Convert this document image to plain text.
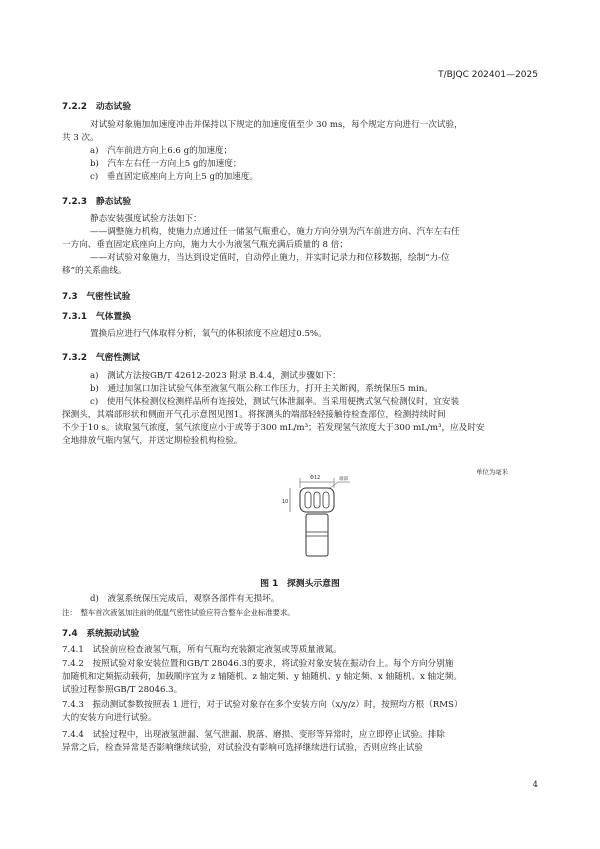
T/BJQC 202401—2025
7.2.2　动态试验
对试验对象施加加速度冲击并保持以下规定的加速度值至少 30 ms，每个规定方向进行一次试验，
共 3 次。
a)　汽车前进方向上6.6 g的加速度；
b)　汽车左右任一方向上5 g的加速度；
c)　垂直固定底座向上方向上5 g的加速度。
7.2.3　静态试验
静态安装强度试验方法如下：
——调整施力机构，使施力点通过任一储氢气瓶重心，施力方向分别为汽车前进方向、汽车左右任
一方向、垂直固定底座向上方向，施力大小为液氢气瓶充满后质量的 8 倍；
——对试验对象施力，当达到设定值时，自动停止施力，并实时记录力和位移数据，绘制“力-位
移”的关系曲线。
7.3　气密性试验
7.3.1　气体置换
置换后应进行气体取样分析，氧气的体积浓度不应超过0.5%。
7.3.2　气密性测试
a)　测试方法按GB/T 42612-2023 附录 B.4.4，测试步骤如下：
b)　通过加氢口加注试验气体至液氢气瓶公称工作压力，打开主关断阀，系统保压5 min。
c)　使用气体检测仪检测样品所有连接处，测试气体泄漏率。当采用便携式氢气检测仪时，宜安装
探测头，其端部形状和侧面开气孔示意图见图1。将探测头的端部轻轻接触待检查部位，检测持续时间
不少于10 s。读取氢气浓度，氢气浓度应小于或等于300 mL/m³；若发现氢气浓度大于300 mL/m³，应及时安
全地排放气瓶内氢气，并送定期检验机构检验。
单位为毫米
Φ12
10
端部
图 1　探测头示意图
d)　液氢系统保压完成后，观察各部件有无损坏。
注：　整车首次液氢加注前的低温气密性试验应符合整车企业标准要求。
7.4　系统振动试验
7.4.1　试验前应检查液氢气瓶，所有气瓶均充装额定液氢或等质量液氮。
7.4.2　按照试验对象安装位置和GB/T 28046.3的要求，将试验对象安装在振动台上。每个方向分别施
加随机和定频振动载荷，加载顺序宜为 z 轴随机、z 轴定频、y 轴随机、y 轴定频、x 轴随机、x 轴定频。
试验过程参照GB/T 28046.3。
7.4.3　振动测试参数按照表 1 进行，对于试验对象存在多个安装方向（x/y/z）时，按照均方根（RMS）
大的安装方向进行试验。
7.4.4　试验过程中，出现液氢泄漏、氢气泄漏、脱落、磨损、变形等异常时，应立即停止试验。排除
异常之后，检查异常是否影响继续试验，对试验没有影响可选择继续进行试验，否则应终止试验
4
